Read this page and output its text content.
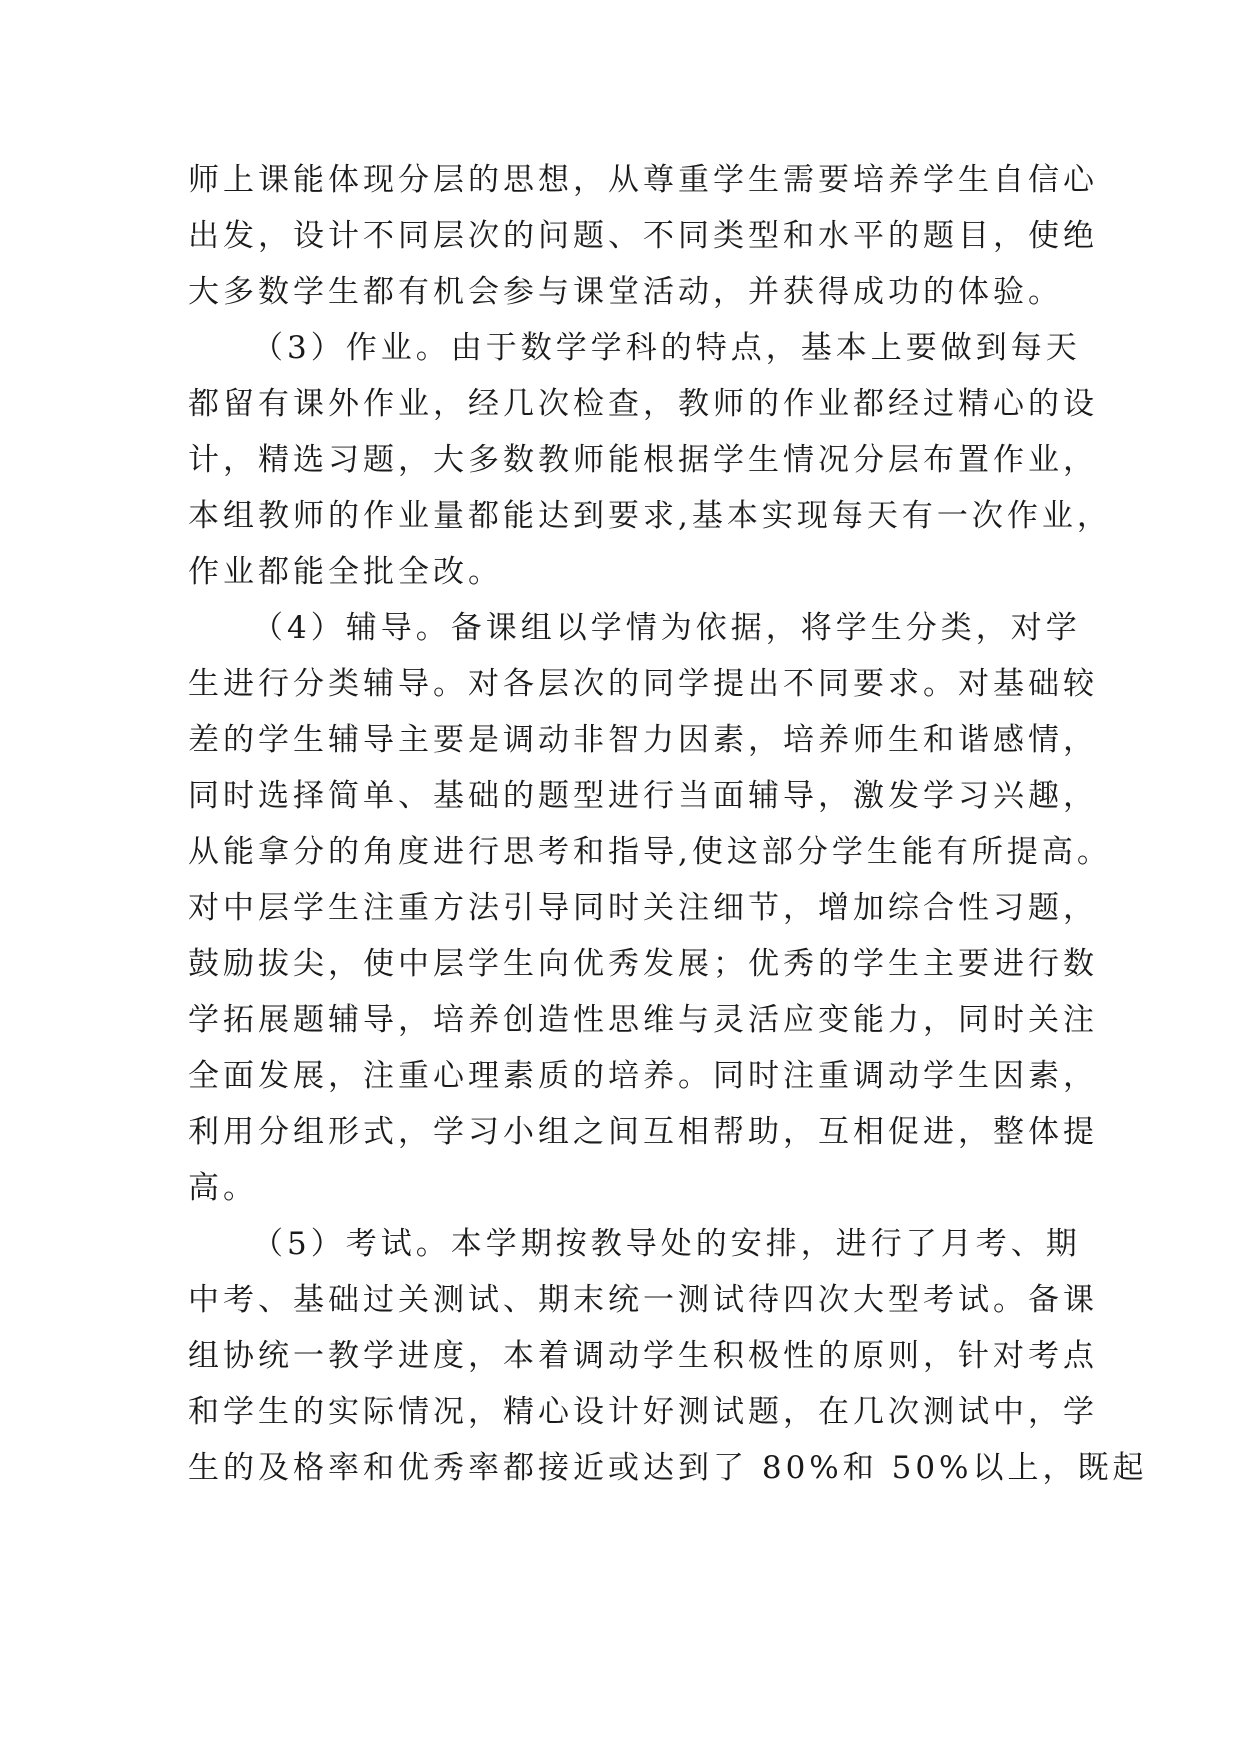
师上课能体现分层的思想，从尊重学生需要培养学生自信心
出发，设计不同层次的问题、不同类型和水平的题目，使绝
大多数学生都有机会参与课堂活动，并获得成功的体验。
（3）作业。由于数学学科的特点，基本上要做到每天
都留有课外作业，经几次检查，教师的作业都经过精心的设
计，精选习题，大多数教师能根据学生情况分层布置作业，
本组教师的作业量都能达到要求,基本实现每天有一次作业，
作业都能全批全改。
（4）辅导。备课组以学情为依据，将学生分类，对学
生进行分类辅导。对各层次的同学提出不同要求。对基础较
差的学生辅导主要是调动非智力因素，培养师生和谐感情，
同时选择简单、基础的题型进行当面辅导，激发学习兴趣，
从能拿分的角度进行思考和指导,使这部分学生能有所提高。
对中层学生注重方法引导同时关注细节，增加综合性习题，
鼓励拔尖，使中层学生向优秀发展；优秀的学生主要进行数
学拓展题辅导，培养创造性思维与灵活应变能力，同时关注
全面发展，注重心理素质的培养。同时注重调动学生因素，
利用分组形式，学习小组之间互相帮助，互相促进，整体提
高。
（5）考试。本学期按教导处的安排，进行了月考、期
中考、基础过关测试、期末统一测试待四次大型考试。备课
组协统一教学进度，本着调动学生积极性的原则，针对考点
和学生的实际情况，精心设计好测试题，在几次测试中，学
生的及格率和优秀率都接近或达到了 80%和 50%以上，既起
